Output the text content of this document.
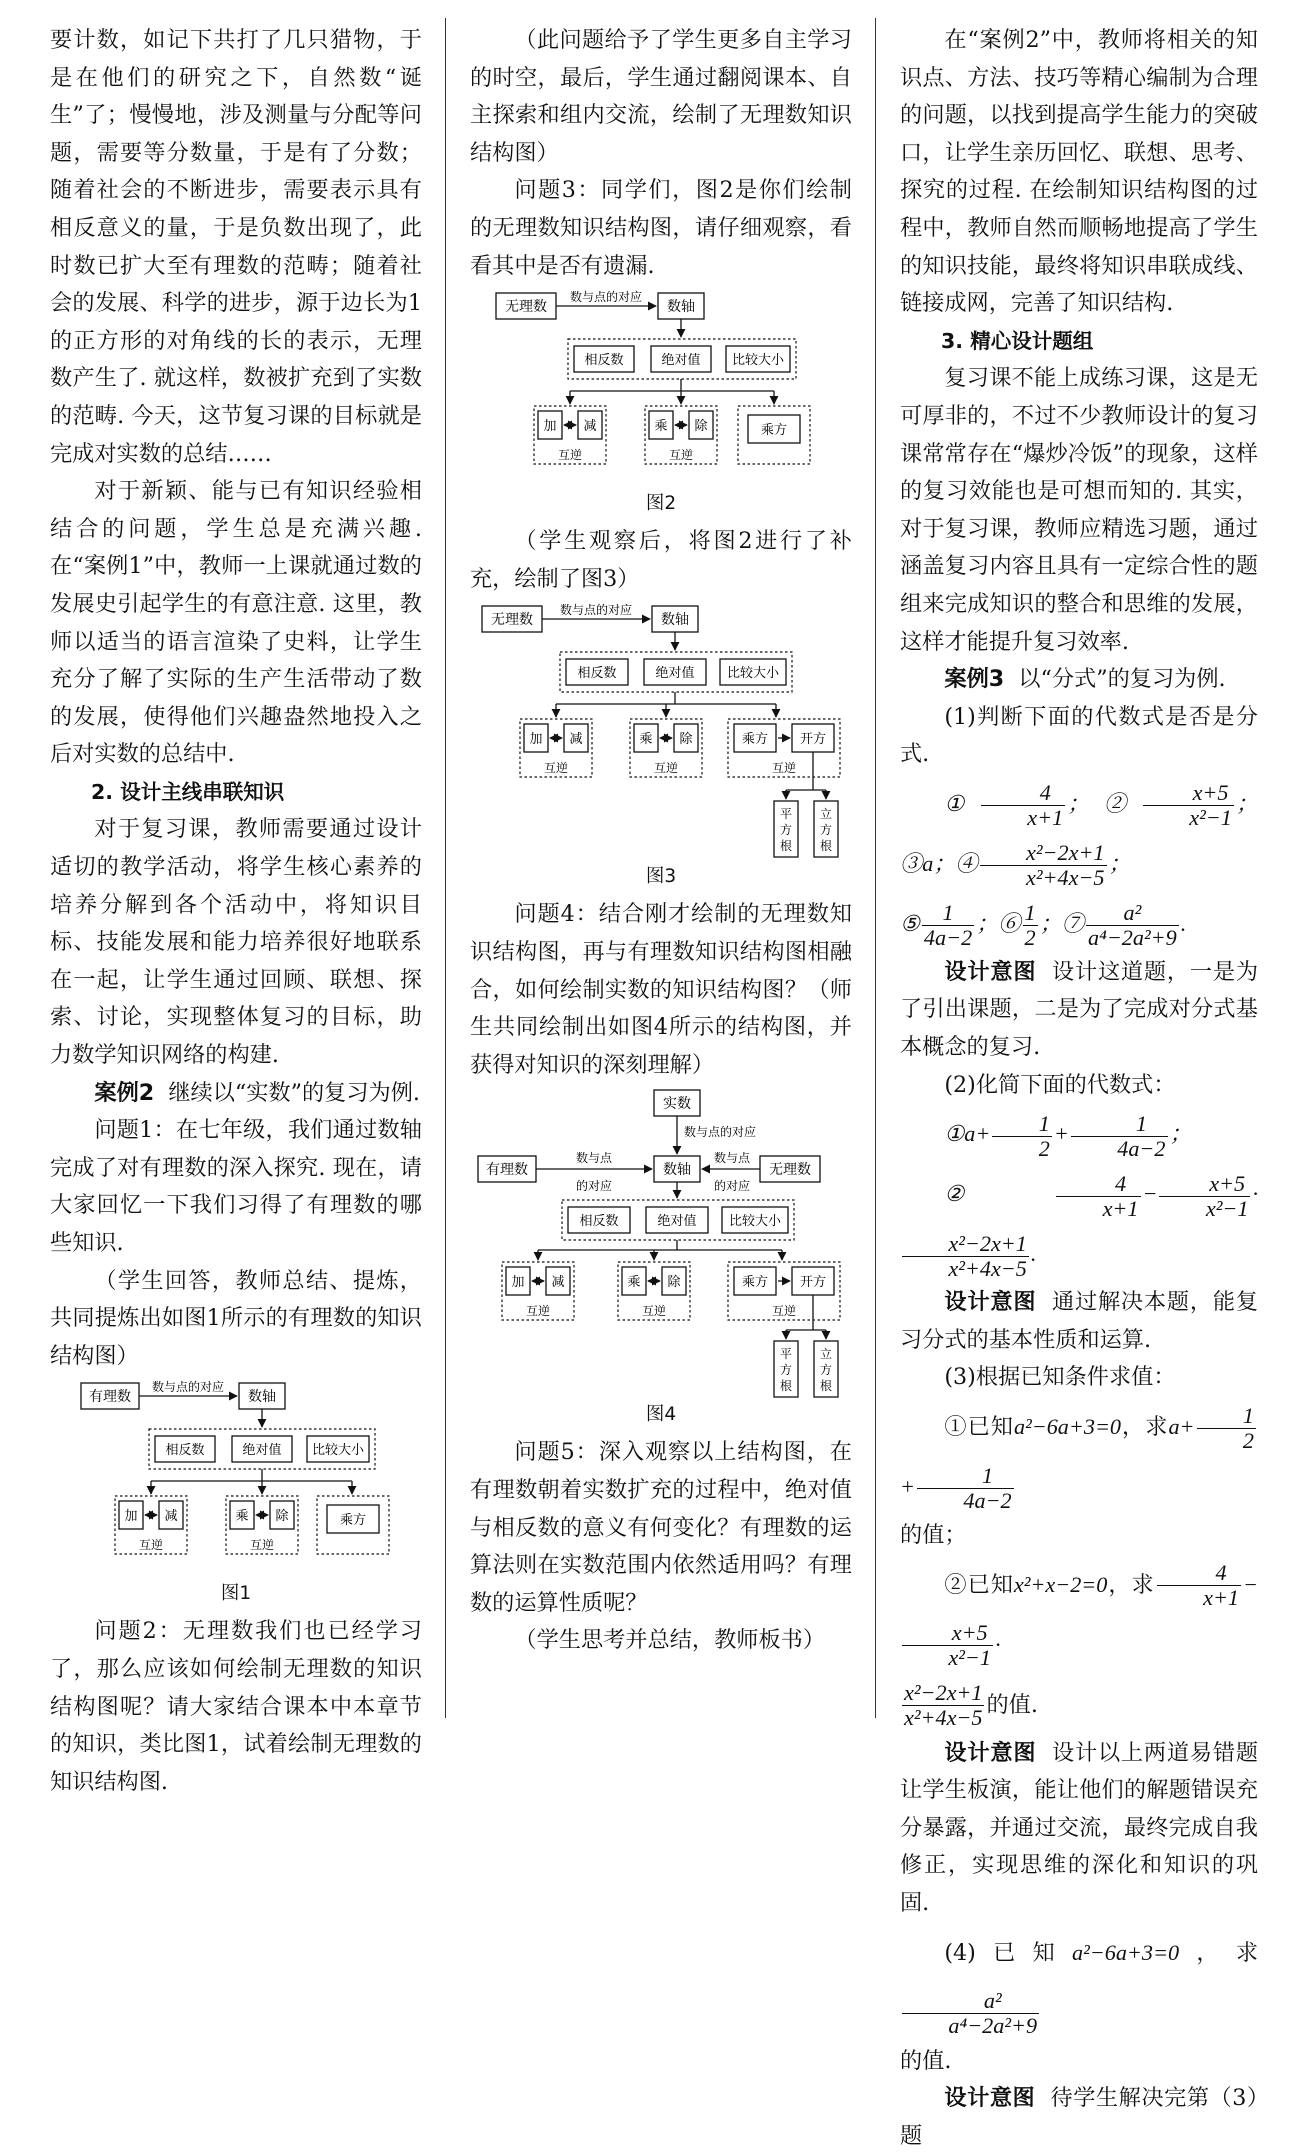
要计数，如记下共打了几只猎物，于是在他们的研究之下，自然数“诞生”了；慢慢地，涉及测量与分配等问题，需要等分数量，于是有了分数；随着社会的不断进步，需要表示具有相反意义的量，于是负数出现了，此时数已扩大至有理数的范畴；随着社会的发展、科学的进步，源于边长为1的正方形的对角线的长的表示，无理数产生了. 就这样，数被扩充到了实数的范畴. 今天，这节复习课的目标就是完成对实数的总结……

对于新颖、能与已有知识经验相结合的问题，学生总是充满兴趣. 在“案例1”中，教师一上课就通过数的发展史引起学生的有意注意. 这里，教师以适当的语言渲染了史料，让学生充分了解了实际的生产生活带动了数的发展，使得他们兴趣盎然地投入之后对实数的总结中.

2. 设计主线串联知识

对于复习课，教师需要通过设计适切的教学活动，将学生核心素养的培养分解到各个活动中，将知识目标、技能发展和能力培养很好地联系在一起，让学生通过回顾、联想、探索、讨论，实现整体复习的目标，助力数学知识网络的构建.

案例2 继续以“实数”的复习为例.

问题1：在七年级，我们通过数轴完成了对有理数的深入探究. 现在，请大家回忆一下我们习得了有理数的哪些知识.

（学生回答，教师总结、提炼，共同提炼出如图1所示的有理数的知识结构图）

有理数
数与点的对应
数轴
相反数	绝对值 比较大小
加 减
互逆
乘 除
互逆
乘方
图1

问题2：无理数我们也已经学习了，那么应该如何绘制无理数的知识结构图呢？请大家结合课本中本章节的知识，类比图1，试着绘制无理数的知识结构图.

（此问题给予了学生更多自主学习的时空，最后，学生通过翻阅课本、自主探索和组内交流，绘制了无理数知识结构图）

问题3：同学们，图2是你们绘制的无理数知识结构图，请仔细观察，看看其中是否有遗漏.

无理数
数与点的对应
数轴
相反数	绝对值 比较大小
加 减
互逆
乘 除
互逆
乘方
图2

（学生观察后，将图2进行了补充，绘制了图3）

无理数
数与点的对应
数轴
相反数	绝对值 比较大小
加 减
互逆
乘 除
互逆
乘方 开方
互逆
平
方
根
立
方
根
图3

问题4：结合刚才绘制的无理数知识结构图，再与有理数知识结构图相融合，如何绘制实数的知识结构图？（师生共同绘制出如图4所示的结构图，并获得对知识的深刻理解）

实数
数与点的对应
有理数
数与点
的对应
数轴	无理数
数与点
的对应
相反数	绝对值 比较大小
加 减
互逆
乘 除
互逆
乘方 开方
互逆
平
方
根
立
方
根
图4

问题5：深入观察以上结构图，在有理数朝着实数扩充的过程中，绝对值与相反数的意义有何变化？有理数的运算法则在实数范围内依然适用吗？有理数的运算性质呢？

（学生思考并总结，教师板书）

在“案例2”中，教师将相关的知识点、方法、技巧等精心编制为合理的问题，以找到提高学生能力的突破口，让学生亲历回忆、联想、思考、探究的过程. 在绘制知识结构图的过程中，教师自然而顺畅地提高了学生的知识技能，最终将知识串联成线、链接成网，完善了知识结构.

3. 精心设计题组

复习课不能上成练习课，这是无可厚非的，不过不少教师设计的复习课常常存在“爆炒冷饭”的现象，这样的复习效能也是可想而知的. 其实，对于复习课，教师应精选习题，通过涵盖复习内容且具有一定综合性的题组来完成知识的整合和思维的发展，这样才能提升复习效率.

案例3 以“分式”的复习为例.

(1)判断下面的代数式是否是分式.

① $\frac{4}{x+1}$ ；② $\frac{x+5}{\text{x²−1}}$ ；③a；④ $\frac{\text{x²−2x+1}}{\text{x²+4x−5}}$ ；

⑤ $\frac{1}{4a-2}$ ；⑥ $\frac{1}{2}$ ；⑦ $\frac{\text{a²}}{\text{a⁴−2a²+9}}$ .

设计意图 设计这道题，一是为了引出课题，二是为了完成对分式基本概念的复习.

(2)化简下面的代数式：

①a+ $\frac{1}{2} + \frac{1}{4a-2}$ ；

② $\frac{4}{x+1} - \frac{x+5}{\text{x²−1}}$ ·
$\frac{\text{x²−2x+1}}{\text{x²+4x−5}}$ .

设计意图 通过解决本题，能复习分式的基本性质和运算.

(3)根据已知条件求值：

①已知a²−6a+3=0，求$a+ \frac{1}{2}$
+ $\frac{1}{4a-2}$

的值；

②已知x²+x−2=0，求 $\frac{4}{x+1}$ −
$\frac{x+5}{\text{x²−1}}$ ·

$\frac{\text{x²−2x+1}}{\text{x²+4x−5}}$ 的值.

设计意图 设计以上两道易错题让学生板演，能让他们的解题错误充分暴露，并通过交流，最终完成自我修正，实现思维的深化和知识的巩固.

(4)已知a²−6a+3=0，求
$\frac{\text{a²}}{\text{a⁴−2a²+9}}$

的值.

设计意图 待学生解决完第（3）题
